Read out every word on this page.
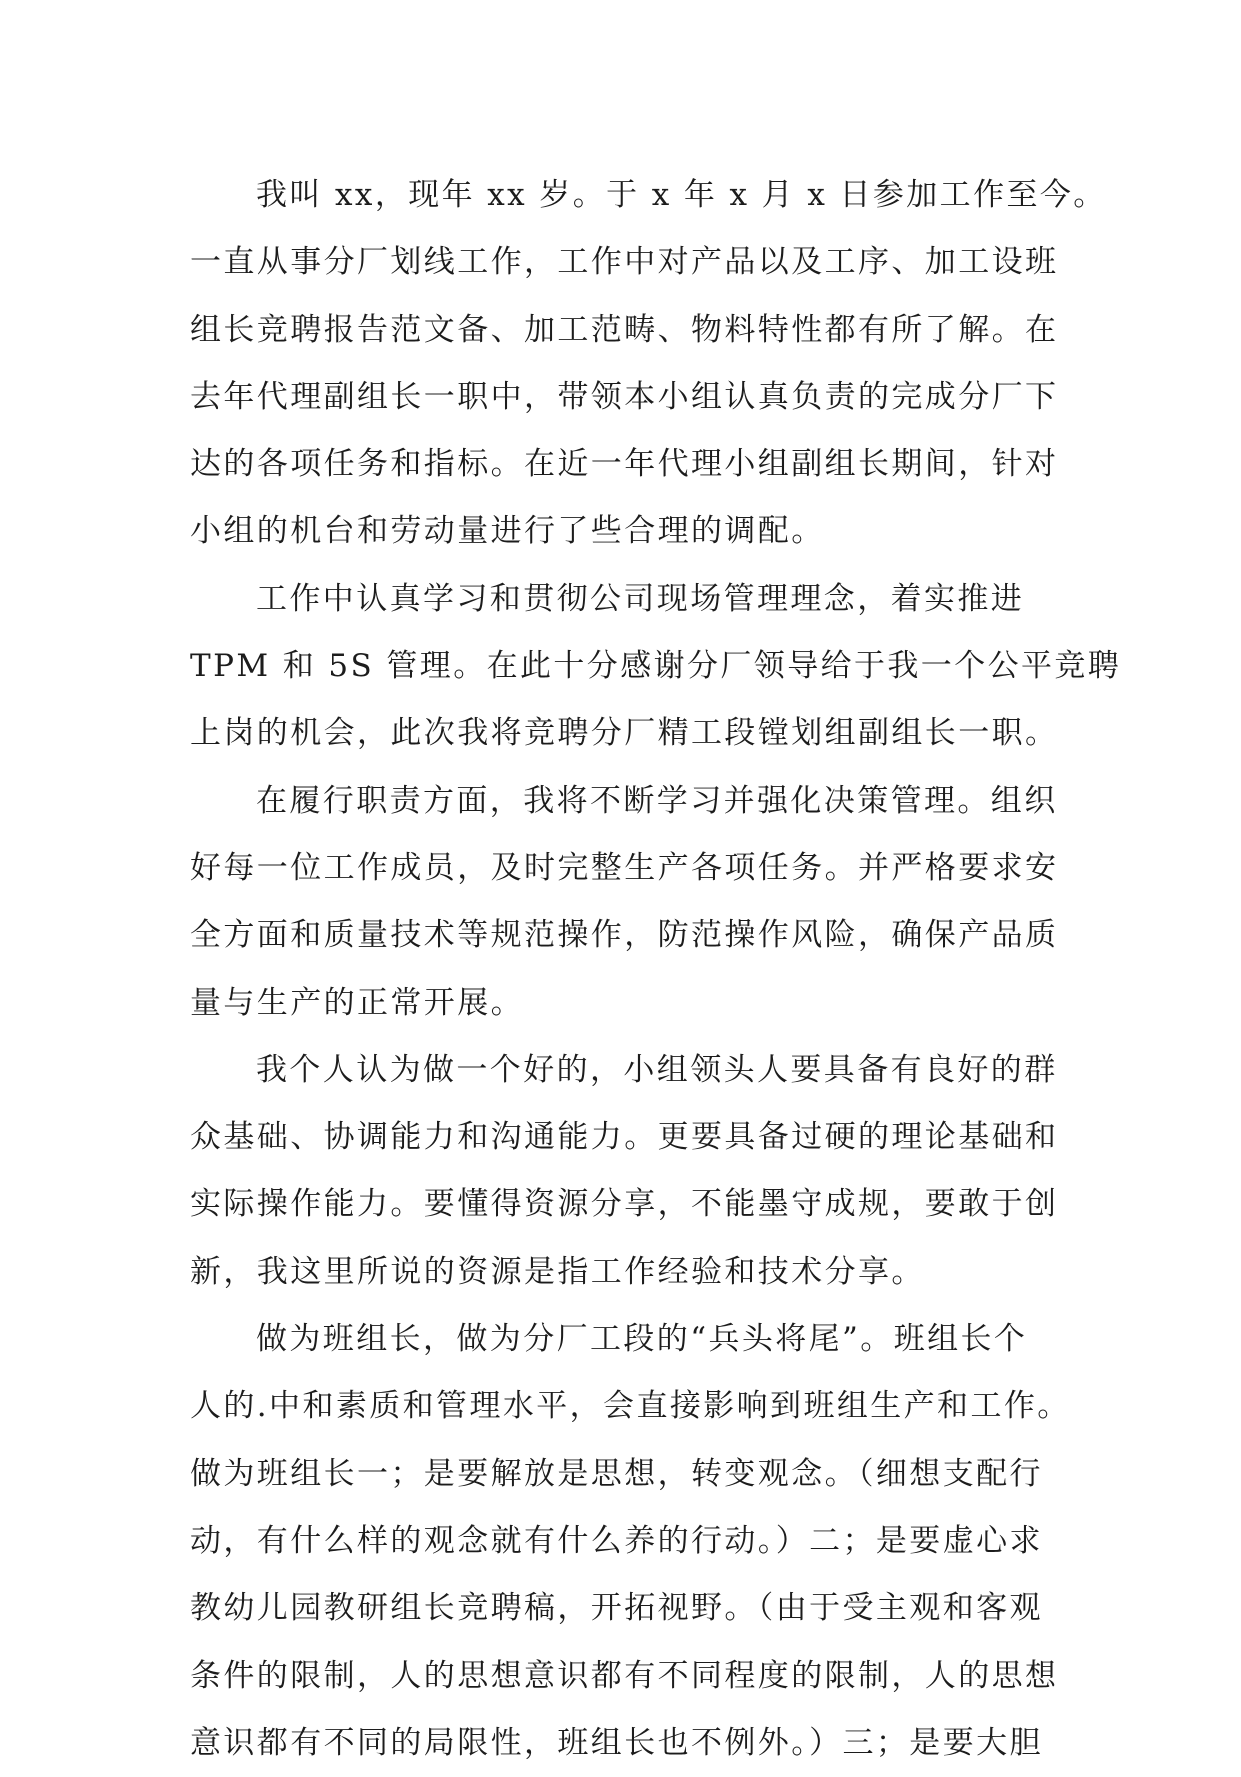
我叫 xx，现年 xx 岁。于 x 年 x 月 x 日参加工作至今。
一直从事分厂划线工作，工作中对产品以及工序、加工设班
组长竞聘报告范文备、加工范畴、物料特性都有所了解。在
去年代理副组长一职中，带领本小组认真负责的完成分厂下
达的各项任务和指标。在近一年代理小组副组长期间，针对
小组的机台和劳动量进行了些合理的调配。
工作中认真学习和贯彻公司现场管理理念，着实推进
TPM 和 5S 管理。在此十分感谢分厂领导给于我一个公平竞聘
上岗的机会，此次我将竞聘分厂精工段镗划组副组长一职。
在履行职责方面，我将不断学习并强化决策管理。组织
好每一位工作成员，及时完整生产各项任务。并严格要求安
全方面和质量技术等规范操作，防范操作风险，确保产品质
量与生产的正常开展。
我个人认为做一个好的，小组领头人要具备有良好的群
众基础、协调能力和沟通能力。更要具备过硬的理论基础和
实际操作能力。要懂得资源分享，不能墨守成规，要敢于创
新，我这里所说的资源是指工作经验和技术分享。
做为班组长，做为分厂工段的“兵头将尾”。班组长个
人的.中和素质和管理水平，会直接影响到班组生产和工作。
做为班组长一；是要解放是思想，转变观念。（细想支配行
动，有什么样的观念就有什么养的行动。）二；是要虚心求
教幼儿园教研组长竞聘稿，开拓视野。（由于受主观和客观
条件的限制，人的思想意识都有不同程度的限制，人的思想
意识都有不同的局限性，班组长也不例外。）三；是要大胆
